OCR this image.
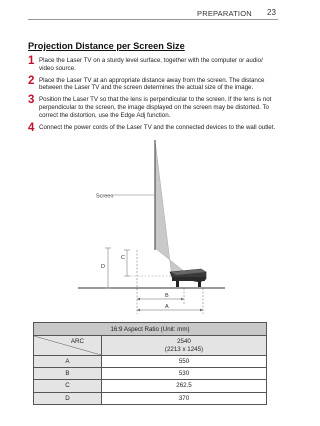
PREPARATION 23
Projection Distance per Screen Size
1 Place the Laser TV on a sturdy level surface, together with the computer or audio/ video source.
2 Place the Laser TV at an appropriate distance away from the screen. The distance between the Laser TV and the screen determines the actual size of the image.
3 Position the Laser TV so that the lens is perpendicular to the screen. If the lens is not perpendicular to the screen, the image displayed on the screen may be distorted. To correct the distortion, use the Edge Adj function.
4 Connect the power cords of the Laser TV and the connected devices to the wall outlet.
Screen
D
C
B
A
16:9 Aspect Ratio (Unit: mm)	

ARC	2540
(2213 x 1245)

A	550
B	530
C	262.5
D	370
